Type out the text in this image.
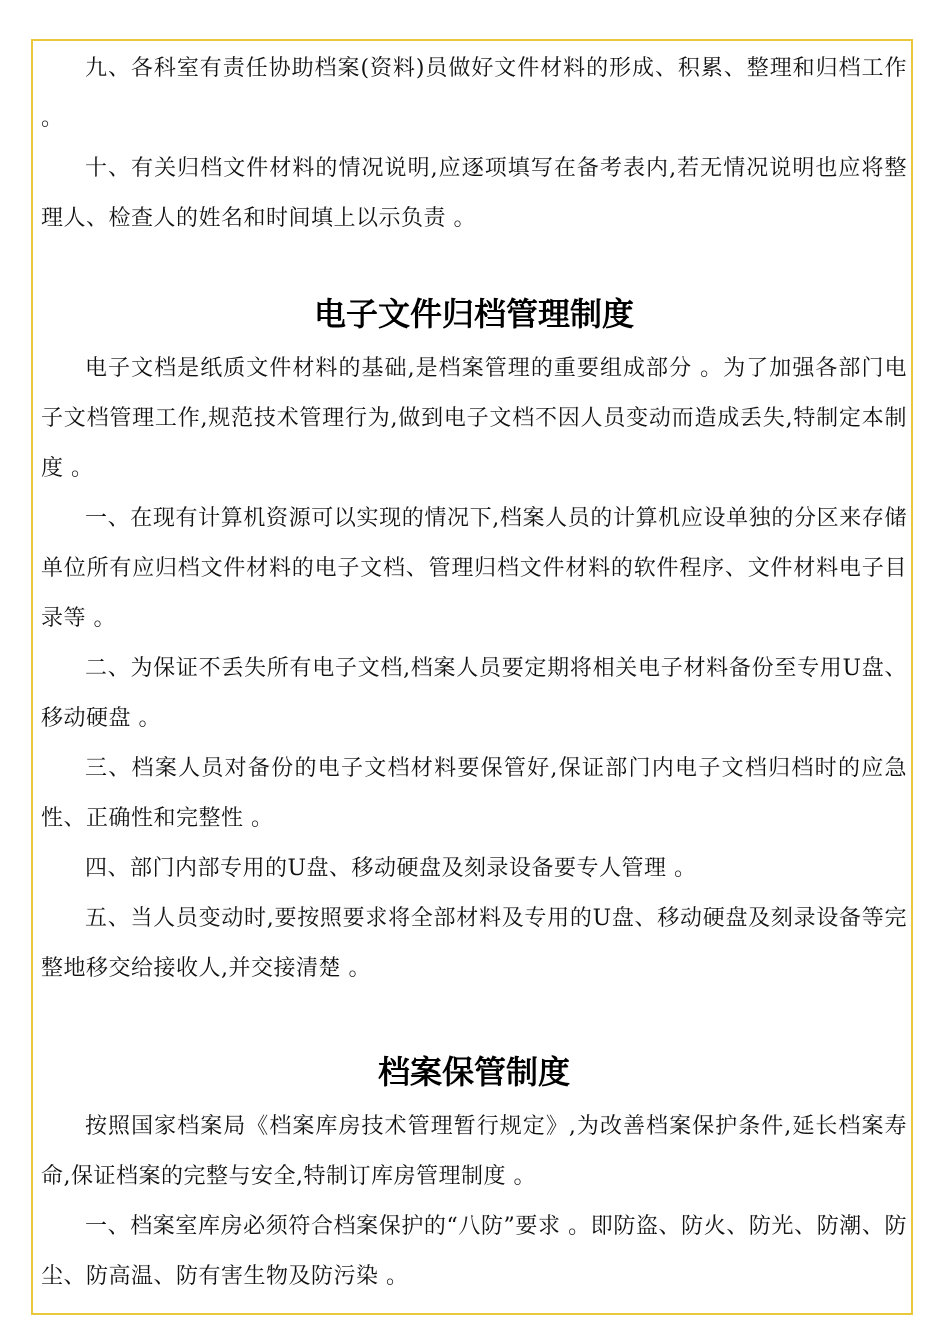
九、各科室有责任协助档案(资料)员做好文件材料的形成、积累、整理和归档工作 。

十、有关归档文件材料的情况说明,应逐项填写在备考表内,若无情况说明也应将整理人、检查人的姓名和时间填上以示负责 。

电子文件归档管理制度

电子文档是纸质文件材料的基础,是档案管理的重要组成部分 。为了加强各部门电子文档管理工作,规范技术管理行为,做到电子文档不因人员变动而造成丢失,特制定本制度 。

一、在现有计算机资源可以实现的情况下,档案人员的计算机应设单独的分区来存储单位所有应归档文件材料的电子文档、管理归档文件材料的软件程序、文件材料电子目录等 。

二、为保证不丢失所有电子文档,档案人员要定期将相关电子材料备份至专用U盘、移动硬盘 。

三、档案人员对备份的电子文档材料要保管好,保证部门内电子文档归档时的应急性、正确性和完整性 。

四、部门内部专用的U盘、移动硬盘及刻录设备要专人管理 。

五、当人员变动时,要按照要求将全部材料及专用的U盘、移动硬盘及刻录设备等完整地移交给接收人,并交接清楚 。

档案保管制度

按照国家档案局《档案库房技术管理暂行规定》,为改善档案保护条件,延长档案寿命,保证档案的完整与安全,特制订库房管理制度 。

一、档案室库房必须符合档案保护的“八防”要求 。即防盗、防火、防光、防潮、防尘、防高温、防有害生物及防污染 。
